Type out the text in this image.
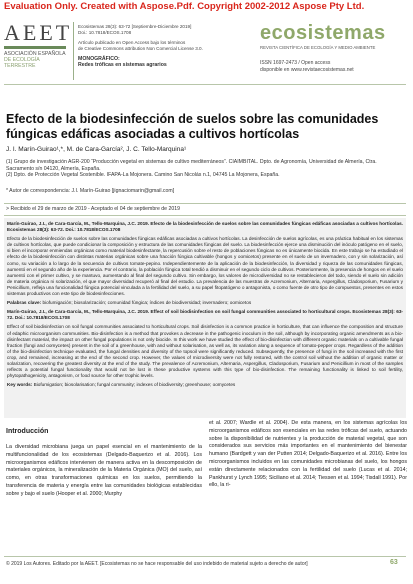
Evaluation Only. Created with Aspose.Pdf. Copyright 2002-2012 Aspose Pty Ltd.
AEET
ASOCIACIÓN ESPAÑOLA
DE ECOLOGÍA TERRESTRE
Ecosistemas 28(3): 63-72 [Septiembre-Diciembre 2019]
Doi.: 10.7818/ECOS.1708
Artículo publicado en Open Access bajo los términos
de Creative Commons attribution Non Comercial License 3.0.
MONOGRÁFICO:
Redes tróficas en sistemas agrarios
ecosistemas
REVISTA CIENTÍFICA DE ECOLOGÍA Y MEDIO AMBIENTE
ISSN 1697-2473 / Open access
disponible en www.revistaecosistemas.net
Efecto de la biodesinfección de suelos sobre las comunidades fúngicas edáficas asociadas a cultivos hortícolas
J. I. Marín-Guirao¹,*, M. de Cara-García², J. C. Tello-Marquina¹
(1) Grupo de investigación AGR-200 “Producción vegetal en sistemas de cultivo mediterráneos”. CIAIMBITAL. Dpto. de Agronomía, Universidad de Almería, Ctra. Sacramento s/n 04120, Almería, España.
(2) Dpto. de Protección Vegetal Sostenible. IFAPA-La Mojonera. Camino San Nicolás n.1, 04745 La Mojonera, España.
* Autor de correspondencia: J.I. Marín-Guirao [jignaciomarin@gmail.com]
> Recibido el 29 de marzo de 2019 - Aceptado el 04 de septiembre de 2019

Marín-Guirao, J.I., de Cara-García, M., Tello-Marquina, J.C. 2019. Efecto de la biodesinfección de suelos sobre las comunidades fúngicas edáficas asociadas a cultivos hortícolas. Ecosistemas 28(3): 63-72. Doi.: 10.7818/ECOS.1708

Efecto de la biodesinfección de suelos sobre las comunidades fúngicas edáficas asociadas a cultivos hortícolas. La desinfección de suelos agrícolas, es una práctica habitual en los sistemas de cultivos hortícolas, que puede condicionar la composición y estructura de las comunidades fúngicas del suelo. La biodesinfección ejerce una disminución del inóculo patógeno en el suelo, si bien el incorporar enmiendas orgánicas como material biodesinfectante, la repercusión sobre el resto de poblaciones fúngicas no es únicamente biocida. En este trabajo se ha estudiado el efecto de la biodesinfección con distintas materias orgánicas sobre una fracción fúngica cultivable (hongos y oomicetos) presente en el suelo de un invernadero, con y sin solarización, así como, su variación a lo largo de la secuencia de cultivos tomate-pepino. Independientemente de la aplicación de la biodesinfección, la diversidad y riqueza de las comunidades fúngicas, aumentó en el segundo año de la experiencia. Por el contrario, la población fúngica total tendió a disminuir en el segundo ciclo de cultivos. Posteriormente, la presencia de hongos en el suelo aumentó con el primer cultivo, y se mantuvo, aumentando al final del segundo cultivo. Sin embargo, los valores de microdiversidad no se restablecieron del todo, siendo el suelo sin adición de materia orgánica ni solarización, el que mayor diversidad recuperó al final del estudio. La prevalencia de las muestras de Acremonium, Alternaria, Aspergillus, Cladosporium, Fusarium y Penicillium, refleja una funcionalidad fúngica potencial vinculada a la fertilidad del suelo, a su papel fitopatógeno o antagonista, o como fuente de otro tipo de compuestos, presentes en estos sistemas productivos con este tipo de biodesinfecciones.

Palabras clave: biofumigación; biosolarización; comunidad fúngica; índices de biodiversidad; invernadero; oomicetos

Marín-Guirao, J.I., de Cara-García, M., Tello-Marquina, J.C. 2019. Effect of soil biodisinfection on soil fungal communities associated to horticultural crops. Ecosistemas 28(3): 63-72. Doi.: 10.7818/ECOS.1708

Effect of soil biodisinfection on soil fungal communities associated to horticultural crops. Soil disinfection is a common practice in horticulture, that can influence the composition and structure of edaphic microorganism communities. Bio-disinfection is a method that provokes a decrease in the pathogenic inoculum in the soil, although by incorporating organic amendments as a bio-disinfectant material, the impact on other fungal populations is not only biocide. In this work we have studied the effect of bio-disinfection with different organic materials on a cultivable fungal fraction (fungi and oomycetes) present in the soil of a greenhouse, with and without solarisation, as well as, its variation along a sequence of tomato-pepper crops. Regardless of the addition of the bio-disinfection technique evaluated, the fungal densities and diversity of the topsoil were significantly reduced. Subsequently, the presence of fungi in the soil increased with the first crop, and remained, increasing at the end of the second crop. However, the values of microdiversity were not fully restored, with the control soil without the addition of organic matter or solarization, recovering the greatest diversity at the end of the study. The prevalence of Acremonium, Alternaria, Aspergillus, Cladosporium, Fusarium and Penicillium in most of the samples reflects a potential fungal functionality that would not be lost in these productive systems with this type of bio-disinfection. The remaining functionality is linked to soil fertility, phytopathogenicity, antagonism, or food source for other trophic levels.

Key words: Biofumigation; biosolarisation; fungal community; indexes of biodiversity; greenhouse; oomycetes

Introducción
La diversidad microbiana juega un papel esencial en el mantenimiento de la multifuncionalidad de los ecosistemas (Delgado-Baquerizo et al. 2016). Los microorganismos edáficos intervienen de manera activa en la descomposición de materiales orgánicos, la mineralización de la Materia Orgánica (MO) del suelo, así como, en otras transformaciones químicas en los suelos, permitiendo la transferencia de materia y energía entre las comunidades biológicas establecidas sobre y bajo el suelo (Hooper et al. 2000; Murphy
et al. 2007; Wardle et al. 2004). De esta manera, en los sistemas agrícolas los microorganismos edáficos son esenciales en las redes tróficas del suelo, actuando sobre la disponibilidad de nutrientes y la producción de material vegetal, que son considerados sus servicios más importantes en el mantenimiento del bienestar humano (Bardgett y van der Putten 2014; Delgado-Baquerizo et al. 2016). Entre los microorganismos incluidos en las comunidades microbianas del suelo, los hongos están directamente relacionados con la fertilidad del suelo (Lucas et al. 2014; Pankhurst y Lynch 1995; Siciliano et al. 2014; Tiessen et al. 1994; Tisdall 1991). Por ello, la ri-
© 2019 Los Autores. Editado por la AEET. [Ecosistemas no se hace responsable del uso indebido de material sujeto a derecho de autor]	63
